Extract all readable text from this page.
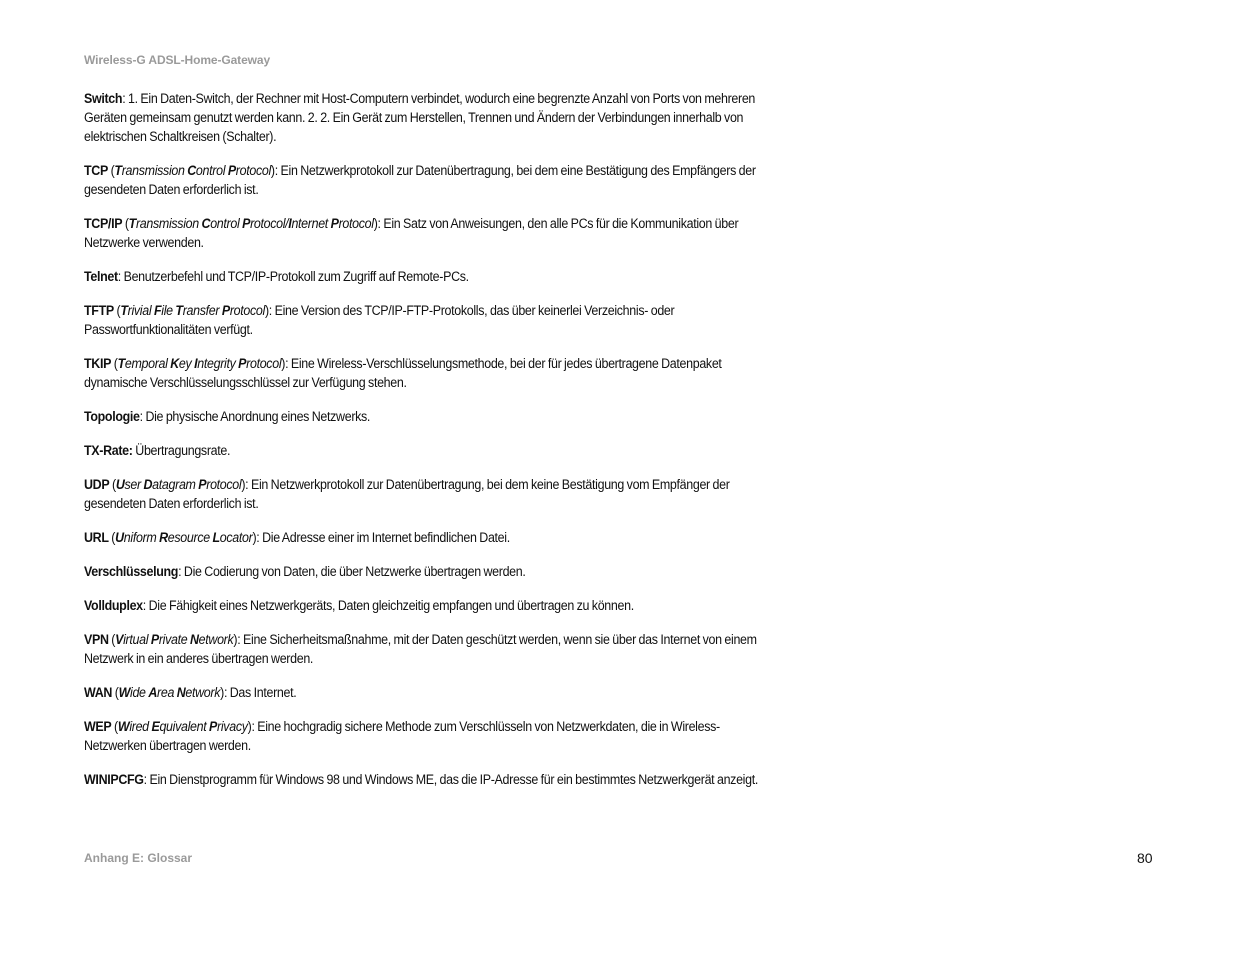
Wireless-G ADSL-Home-Gateway

Switch: 1. Ein Daten-Switch, der Rechner mit Host-Computern verbindet, wodurch eine begrenzte Anzahl von Ports von mehreren Geräten gemeinsam genutzt werden kann. 2. 2. Ein Gerät zum Herstellen, Trennen und Ändern der Verbindungen innerhalb von elektrischen Schaltkreisen (Schalter).

TCP (Transmission Control Protocol): Ein Netzwerkprotokoll zur Datenübertragung, bei dem eine Bestätigung des Empfängers der gesendeten Daten erforderlich ist.

TCP/IP (Transmission Control Protocol/Internet Protocol): Ein Satz von Anweisungen, den alle PCs für die Kommunikation über Netzwerke verwenden.

Telnet: Benutzerbefehl und TCP/IP-Protokoll zum Zugriff auf Remote-PCs.

TFTP (Trivial File Transfer Protocol): Eine Version des TCP/IP-FTP-Protokolls, das über keinerlei Verzeichnis- oder Passwortfunktionalitäten verfügt.

TKIP (Temporal Key Integrity Protocol): Eine Wireless-Verschlüsselungsmethode, bei der für jedes übertragene Datenpaket dynamische Verschlüsselungsschlüssel zur Verfügung stehen.

Topologie: Die physische Anordnung eines Netzwerks.

TX-Rate: Übertragungsrate.

UDP (User Datagram Protocol): Ein Netzwerkprotokoll zur Datenübertragung, bei dem keine Bestätigung vom Empfänger der gesendeten Daten erforderlich ist.

URL (Uniform Resource Locator): Die Adresse einer im Internet befindlichen Datei.

Verschlüsselung: Die Codierung von Daten, die über Netzwerke übertragen werden.

Vollduplex: Die Fähigkeit eines Netzwerkgeräts, Daten gleichzeitig empfangen und übertragen zu können.

VPN (Virtual Private Network): Eine Sicherheitsmaßnahme, mit der Daten geschützt werden, wenn sie über das Internet von einem Netzwerk in ein anderes übertragen werden.

WAN (Wide Area Network): Das Internet.

WEP (Wired Equivalent Privacy): Eine hochgradig sichere Methode zum Verschlüsseln von Netzwerkdaten, die in Wireless-Netzwerken übertragen werden.

WINIPCFG: Ein Dienstprogramm für Windows 98 und Windows ME, das die IP-Adresse für ein bestimmtes Netzwerkgerät anzeigt.

Anhang E: Glossar	80
